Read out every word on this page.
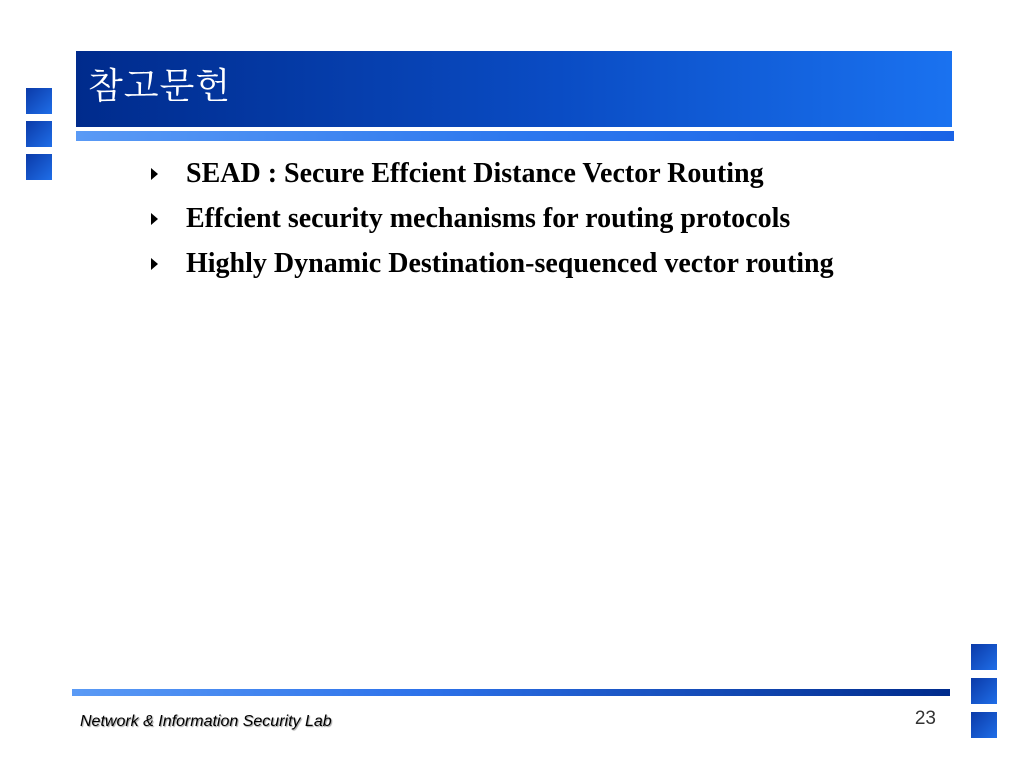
참고문헌
SEAD : Secure Effcient Distance Vector Routing
Effcient security mechanisms for routing protocols
Highly Dynamic Destination-sequenced vector routing
Network & Information Security Lab	23
